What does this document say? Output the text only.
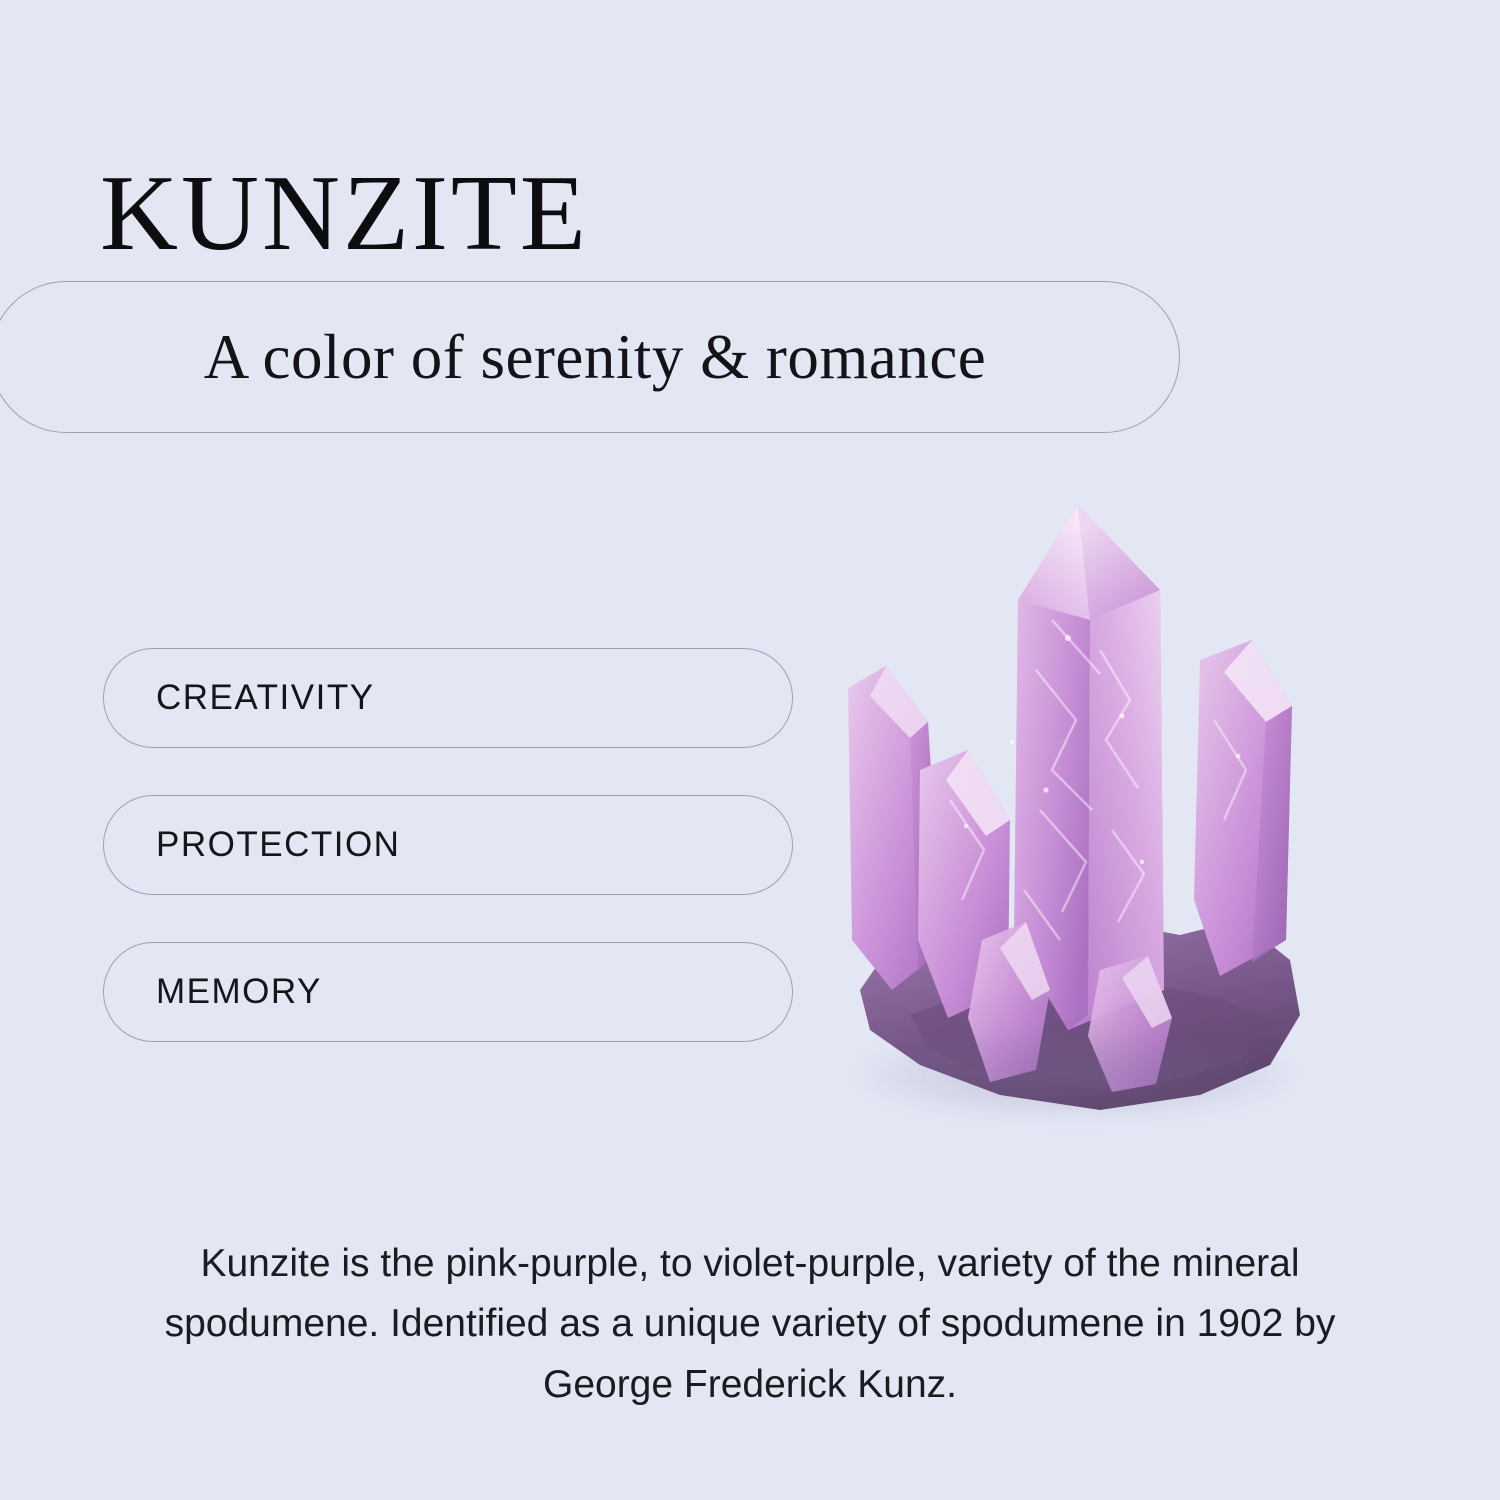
KUNZITE
A color of serenity & romance
CREATIVITY
PROTECTION
MEMORY

Kunzite is the pink-purple, to violet-purple, variety of the mineral spodumene. Identified as a unique variety of spodumene in 1902 by George Frederick Kunz.
